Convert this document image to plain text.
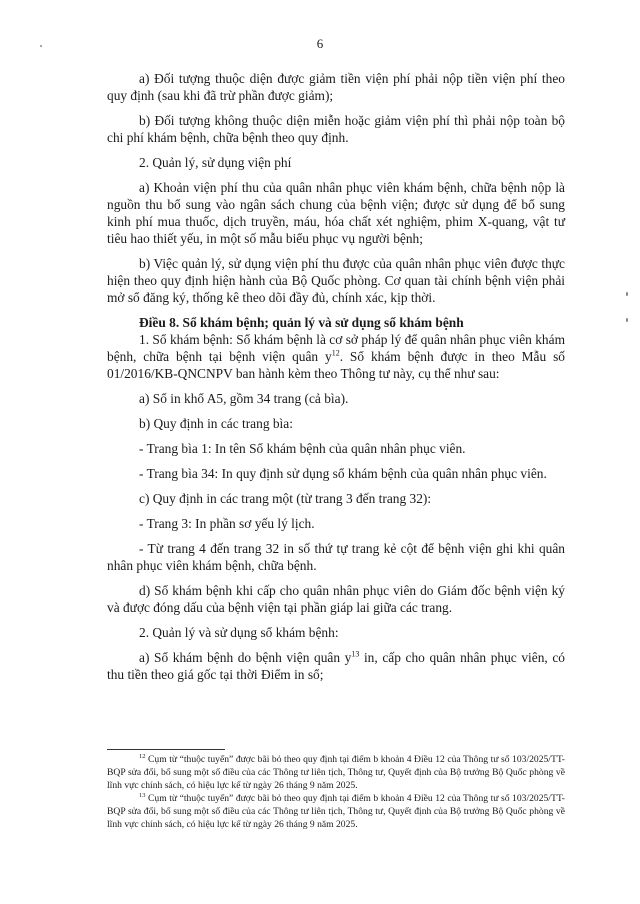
6

a) Đối tượng thuộc diện được giảm tiền viện phí phải nộp tiền viện phí theo quy định (sau khi đã trừ phần được giảm);

b) Đối tượng không thuộc diện miễn hoặc giảm viện phí thì phải nộp toàn bộ chi phí khám bệnh, chữa bệnh theo quy định.

2. Quản lý, sử dụng viện phí

a) Khoản viện phí thu của quân nhân phục viên khám bệnh, chữa bệnh nộp là nguồn thu bổ sung vào ngân sách chung của bệnh viện; được sử dụng để bổ sung kinh phí mua thuốc, dịch truyền, máu, hóa chất xét nghiệm, phim X-quang, vật tư tiêu hao thiết yếu, in một số mẫu biểu phục vụ người bệnh;

b) Việc quản lý, sử dụng viện phí thu được của quân nhân phục viên được thực hiện theo quy định hiện hành của Bộ Quốc phòng. Cơ quan tài chính bệnh viện phải mở sổ đăng ký, thống kê theo dõi đầy đủ, chính xác, kịp thời.

Điều 8. Sổ khám bệnh; quản lý và sử dụng sổ khám bệnh

1. Sổ khám bệnh: Sổ khám bệnh là cơ sở pháp lý để quân nhân phục viên khám bệnh, chữa bệnh tại bệnh viện quân $y^{12}$. Sổ khám bệnh được in theo Mẫu số 01/2016/KB-QNCNPV ban hành kèm theo Thông tư này, cụ thể như sau:

a) Sổ in khổ A5, gồm 34 trang (cả bìa).

b) Quy định in các trang bìa:

- Trang bìa 1: In tên Sổ khám bệnh của quân nhân phục viên.

- Trang bìa 34: In quy định sử dụng sổ khám bệnh của quân nhân phục viên.

c) Quy định in các trang một (từ trang 3 đến trang 32):

- Trang 3: In phần sơ yếu lý lịch.

- Từ trang 4 đến trang 32 in số thứ tự trang kẻ cột để bệnh viện ghi khi quân nhân phục viên khám bệnh, chữa bệnh.

d) Sổ khám bệnh khi cấp cho quân nhân phục viên do Giám đốc bệnh viện ký và được đóng dấu của bệnh viện tại phần giáp lai giữa các trang.

2. Quản lý và sử dụng sổ khám bệnh:

a) Sổ khám bệnh do bệnh viện quân $y^{13}$ in, cấp cho quân nhân phục viên, có thu tiền theo giá gốc tại thời Điểm in sổ;

$^{12}$ Cụm từ “thuộc tuyến” được bãi bỏ theo quy định tại điểm b khoản 4 Điều 12 của Thông tư số 103/2025/TT-BQP sửa đổi, bổ sung một số điều của các Thông tư liên tịch, Thông tư, Quyết định của Bộ trưởng Bộ Quốc phòng về lĩnh vực chính sách, có hiệu lực kể từ ngày 26 tháng 9 năm 2025.

$^{13}$ Cụm từ “thuộc tuyến” được bãi bỏ theo quy định tại điểm b khoản 4 Điều 12 của Thông tư số 103/2025/TT-BQP sửa đổi, bổ sung một số điều của các Thông tư liên tịch, Thông tư, Quyết định của Bộ trưởng Bộ Quốc phòng về lĩnh vực chính sách, có hiệu lực kể từ ngày 26 tháng 9 năm 2025.
